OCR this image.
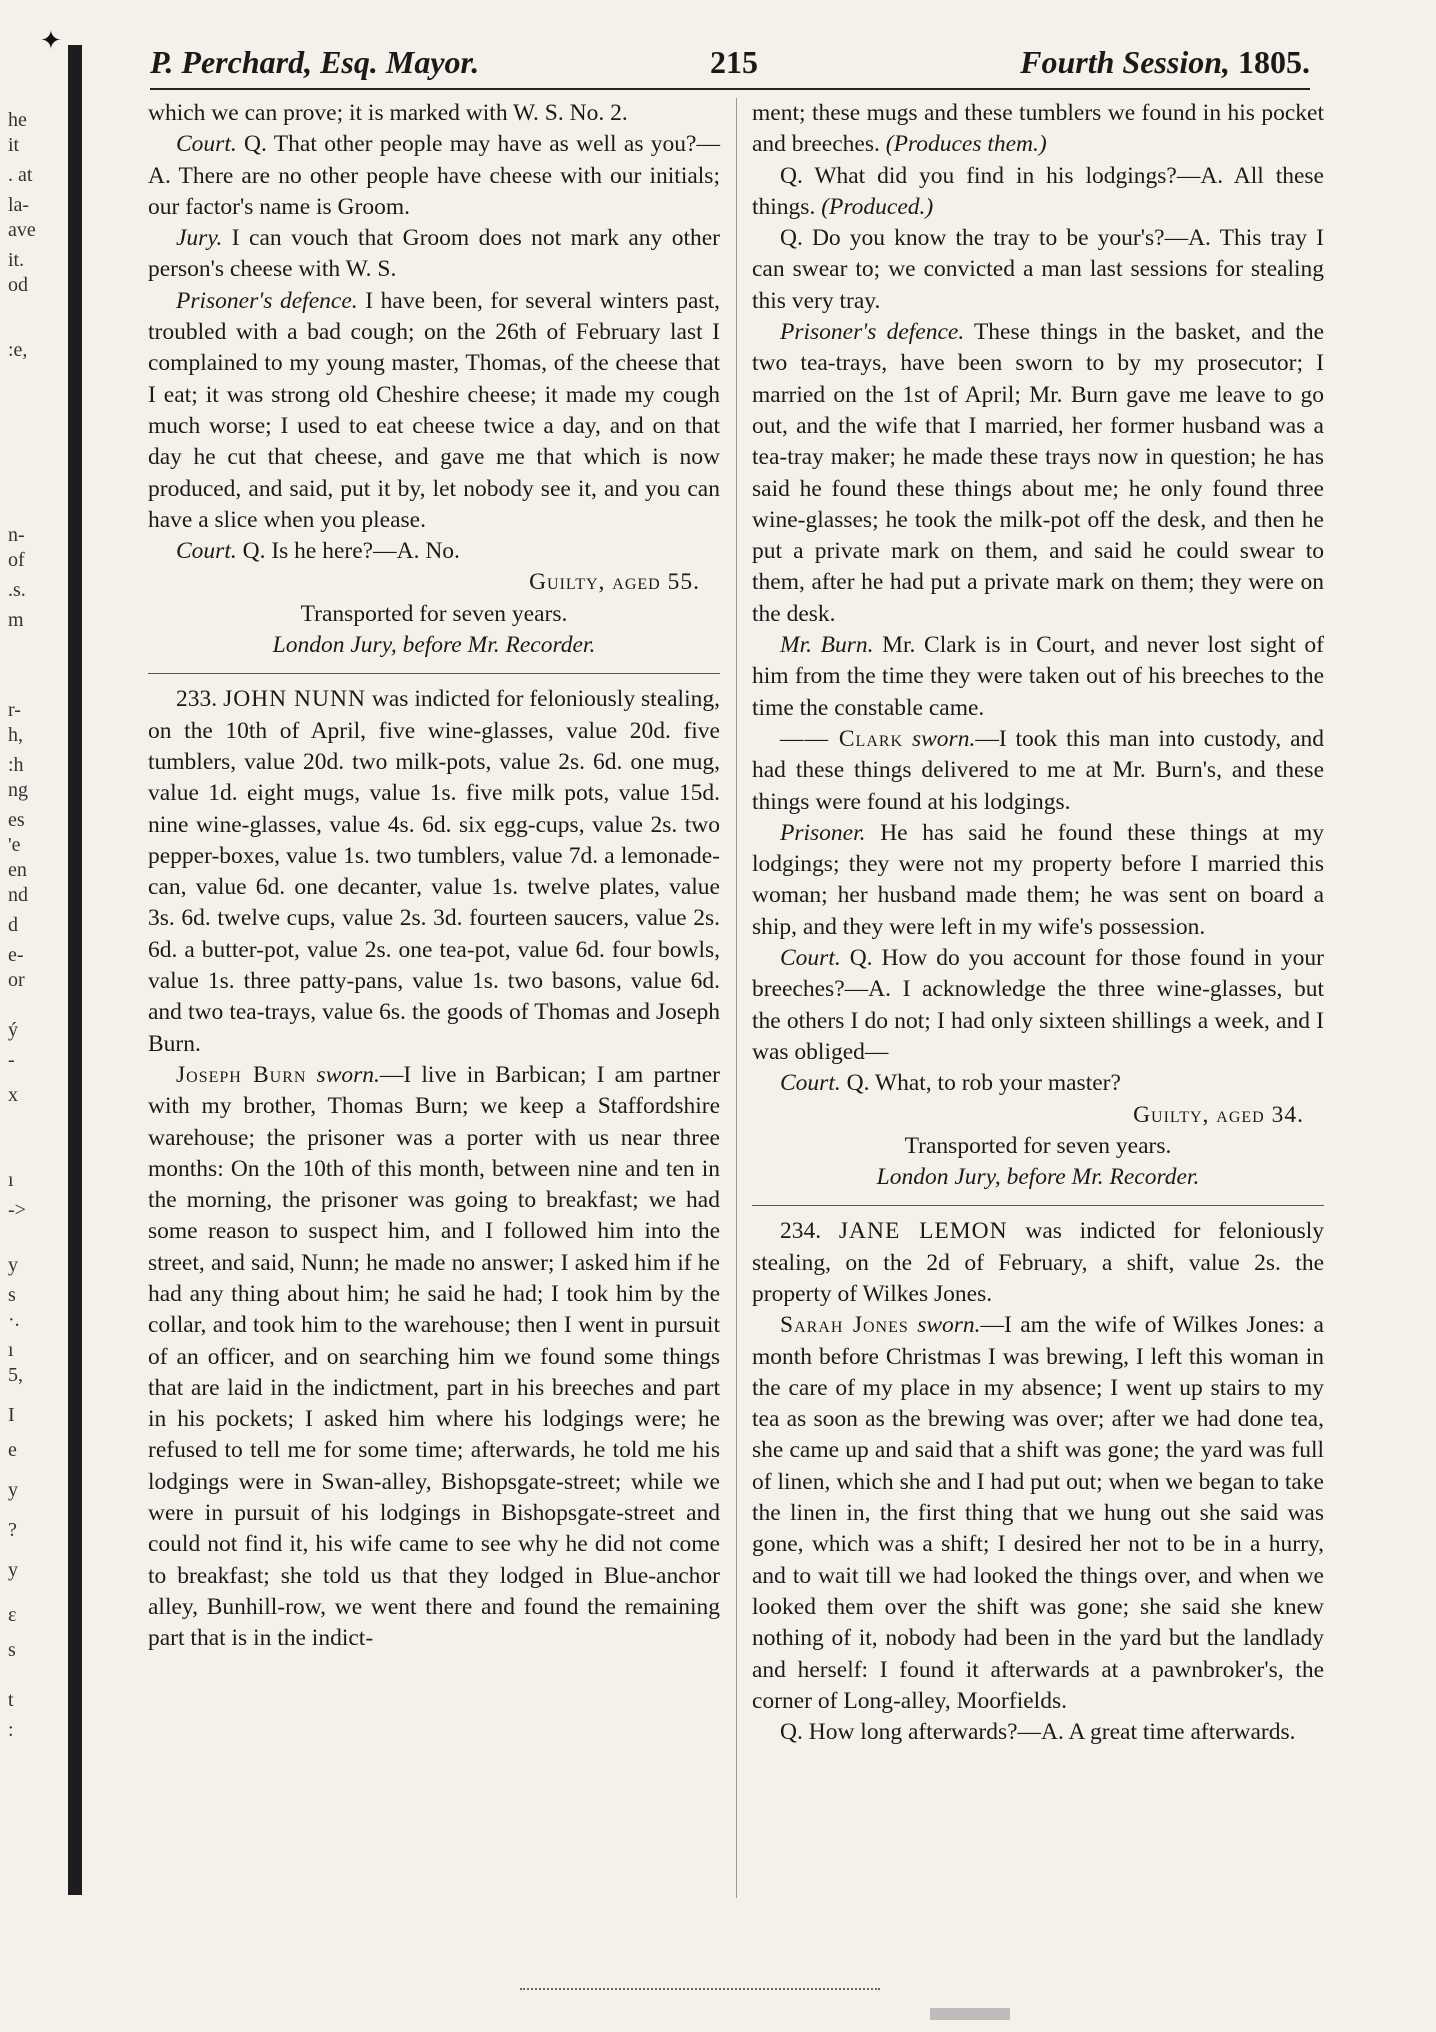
he
it
. at
la-
ave
it.
od
:e,
n-
of
.s.
m
r-
h,
:h
ng
es
'e
en
nd
d
e-
or
ý
-
x
ı
->
y
s
·.
ı
5,
I
e
y
?
y
ɛ
s
t
:
✦
P. Perchard, Esq. Mayor.	215	Fourth Session, 1805.

which we can prove; it is marked with W. S. No. 2.

Court. Q. That other people may have as well as you?—A. There are no other people have cheese with our initials; our factor's name is Groom.

Jury. I can vouch that Groom does not mark any other person's cheese with W. S.

Prisoner's defence. I have been, for several winters past, troubled with a bad cough; on the 26th of February last I complained to my young master, Thomas, of the cheese that I eat; it was strong old Cheshire cheese; it made my cough much worse; I used to eat cheese twice a day, and on that day he cut that cheese, and gave me that which is now produced, and said, put it by, let nobody see it, and you can have a slice when you please.

Court. Q. Is he here?—A. No.

Guilty, aged 55.

Transported for seven years.

London Jury, before Mr. Recorder.

233. JOHN NUNN was indicted for feloniously stealing, on the 10th of April, five wine-glasses, value 20d. five tumblers, value 20d. two milk-pots, value 2s. 6d. one mug, value 1d. eight mugs, value 1s. five milk pots, value 15d. nine wine-glasses, value 4s. 6d. six egg-cups, value 2s. two pepper-boxes, value 1s. two tumblers, value 7d. a lemonade-can, value 6d. one decanter, value 1s. twelve plates, value 3s. 6d. twelve cups, value 2s. 3d. fourteen saucers, value 2s. 6d. a butter-pot, value 2s. one tea-pot, value 6d. four bowls, value 1s. three patty-pans, value 1s. two basons, value 6d. and two tea-trays, value 6s. the goods of Thomas and Joseph Burn.

Joseph Burn sworn.—I live in Barbican; I am partner with my brother, Thomas Burn; we keep a Staffordshire warehouse; the prisoner was a porter with us near three months: On the 10th of this month, between nine and ten in the morning, the prisoner was going to breakfast; we had some reason to suspect him, and I followed him into the street, and said, Nunn; he made no answer; I asked him if he had any thing about him; he said he had; I took him by the collar, and took him to the warehouse; then I went in pursuit of an officer, and on searching him we found some things that are laid in the indictment, part in his breeches and part in his pockets; I asked him where his lodgings were; he refused to tell me for some time; afterwards, he told me his lodgings were in Swan-alley, Bishopsgate-street; while we were in pursuit of his lodgings in Bishopsgate-street and could not find it, his wife came to see why he did not come to breakfast; she told us that they lodged in Blue-anchor alley, Bunhill-row, we went there and found the remaining part that is in the indict-

ment; these mugs and these tumblers we found in his pocket and breeches. (Produces them.)

Q. What did you find in his lodgings?—A. All these things. (Produced.)

Q. Do you know the tray to be your's?—A. This tray I can swear to; we convicted a man last sessions for stealing this very tray.

Prisoner's defence. These things in the basket, and the two tea-trays, have been sworn to by my prosecutor; I married on the 1st of April; Mr. Burn gave me leave to go out, and the wife that I married, her former husband was a tea-tray maker; he made these trays now in question; he has said he found these things about me; he only found three wine-glasses; he took the milk-pot off the desk, and then he put a private mark on them, and said he could swear to them, after he had put a private mark on them; they were on the desk.

Mr. Burn. Mr. Clark is in Court, and never lost sight of him from the time they were taken out of his breeches to the time the constable came.

—— Clark sworn.—I took this man into custody, and had these things delivered to me at Mr. Burn's, and these things were found at his lodgings.

Prisoner. He has said he found these things at my lodgings; they were not my property before I married this woman; her husband made them; he was sent on board a ship, and they were left in my wife's possession.

Court. Q. How do you account for those found in your breeches?—A. I acknowledge the three wine-glasses, but the others I do not; I had only sixteen shillings a week, and I was obliged—

Court. Q. What, to rob your master?

Guilty, aged 34.

Transported for seven years.

London Jury, before Mr. Recorder.

234. JANE LEMON was indicted for feloniously stealing, on the 2d of February, a shift, value 2s. the property of Wilkes Jones.

Sarah Jones sworn.—I am the wife of Wilkes Jones: a month before Christmas I was brewing, I left this woman in the care of my place in my absence; I went up stairs to my tea as soon as the brewing was over; after we had done tea, she came up and said that a shift was gone; the yard was full of linen, which she and I had put out; when we began to take the linen in, the first thing that we hung out she said was gone, which was a shift; I desired her not to be in a hurry, and to wait till we had looked the things over, and when we looked them over the shift was gone; she said she knew nothing of it, nobody had been in the yard but the landlady and herself: I found it afterwards at a pawnbroker's, the corner of Long-alley, Moorfields.

Q. How long afterwards?—A. A great time afterwards.
